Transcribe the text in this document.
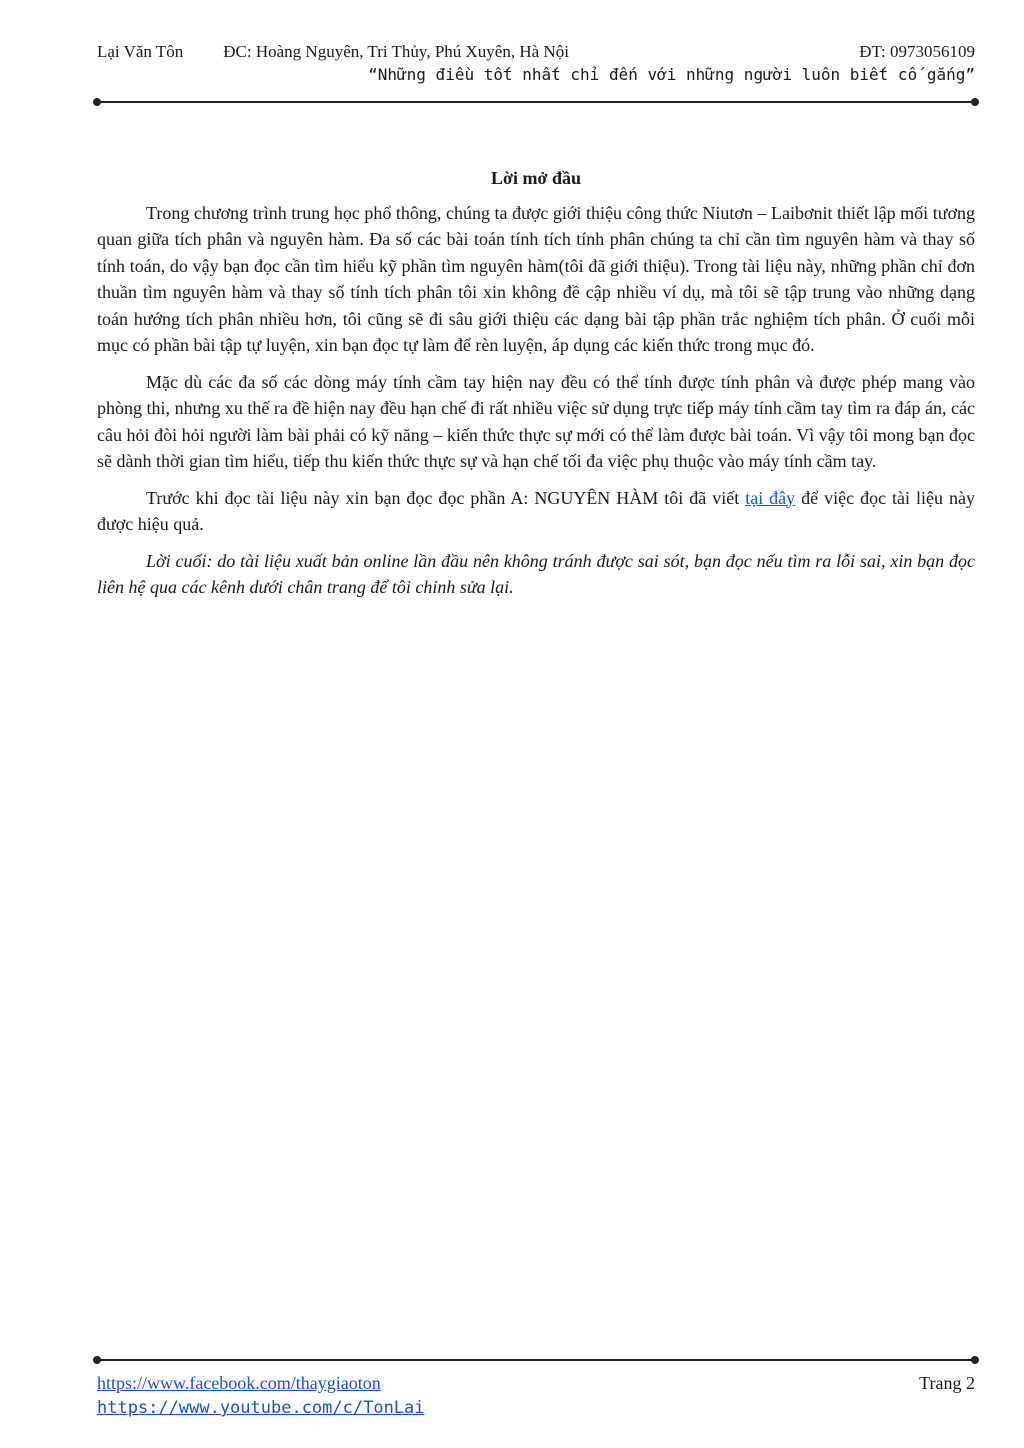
Lại Văn Tôn ĐC: Hoàng Nguyên, Tri Thủy, Phú Xuyên, Hà Nội	ĐT: 0973056109
“Những điều tốt nhất chỉ đến với những người luôn biết cố gắng”
Lời mở đầu

Trong chương trình trung học phổ thông, chúng ta được giới thiệu công thức Niutơn – Laibơnit thiết lập mối tương quan giữa tích phân và nguyên hàm. Đa số các bài toán tính tích tính phân chúng ta chỉ cần tìm nguyên hàm và thay số tính toán, do vậy bạn đọc cần tìm hiểu kỹ phần tìm nguyên hàm(tôi đã giới thiệu). Trong tài liệu này, những phần chỉ đơn thuần tìm nguyên hàm và thay số tính tích phân tôi xin không đề cập nhiều ví dụ, mà tôi sẽ tập trung vào những dạng toán hướng tích phân nhiều hơn, tôi cũng sẽ đi sâu giới thiệu các dạng bài tập phần trắc nghiệm tích phân. Ở cuối mỗi mục có phần bài tập tự luyện, xin bạn đọc tự làm để rèn luyện, áp dụng các kiến thức trong mục đó.

Mặc dù các đa số các dòng máy tính cầm tay hiện nay đều có thể tính được tính phân và được phép mang vào phòng thi, nhưng xu thế ra đề hiện nay đều hạn chế đi rất nhiều việc sử dụng trực tiếp máy tính cầm tay tìm ra đáp án, các câu hỏi đòi hỏi người làm bài phải có kỹ năng – kiến thức thực sự mới có thể làm được bài toán. Vì vậy tôi mong bạn đọc sẽ dành thời gian tìm hiểu, tiếp thu kiến thức thực sự và hạn chế tối đa việc phụ thuộc vào máy tính cầm tay.

Trước khi đọc tài liệu này xin bạn đọc đọc phần A: NGUYÊN HÀM tôi đã viết tại đây để việc đọc tài liệu này được hiệu quả.

Lời cuối: do tài liệu xuất bản online lần đầu nên không tránh được sai sót, bạn đọc nếu tìm ra lỗi sai, xin bạn đọc liên hệ qua các kênh dưới chân trang để tôi chỉnh sửa lại.

https://www.facebook.com/thaygiaoton
https://www.youtube.com/c/TonLai
Trang 2
